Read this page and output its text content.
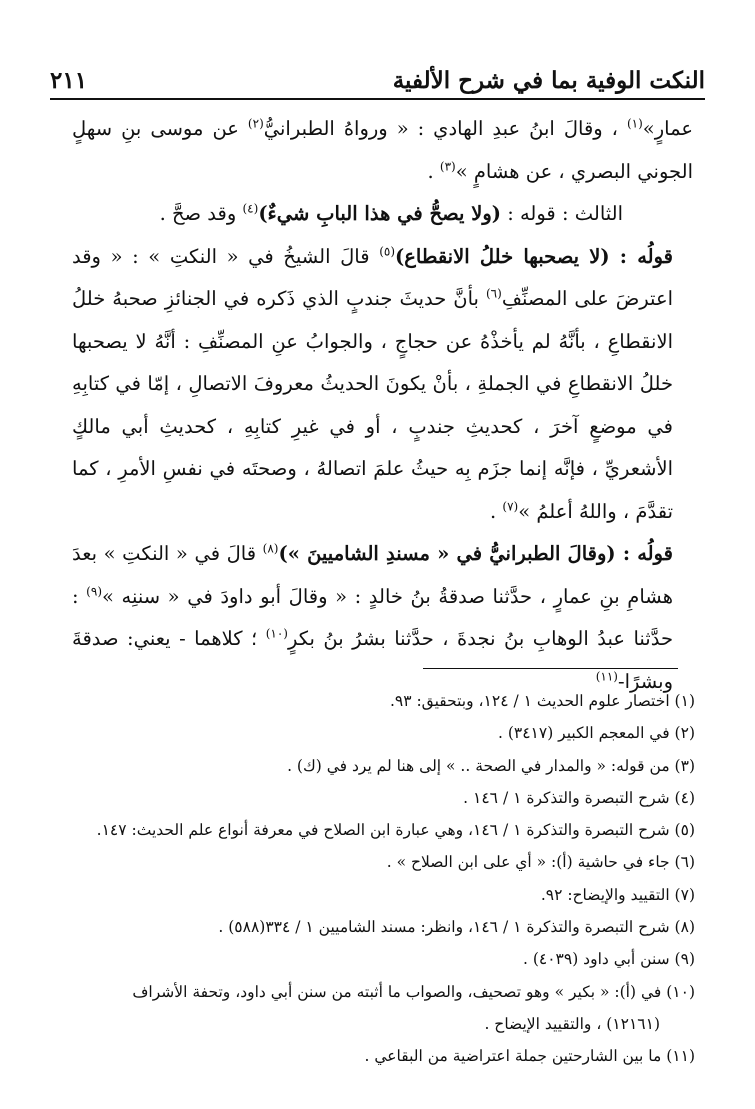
٢١١	النكت الوفية بما في شرح الألفية

عمارٍ»$^{(١)}$ ، وقالَ ابنُ عبدِ الهادي : « ورواهُ الطبرانيُّ$^{(٢)}$ عن موسى بنِ سهلٍ الجوني البصري ، عن هشامٍ »$^{(٣)}$ .

الثالث : قوله : (ولا يصحُّ في هذا البابِ شيءٌ)$^{(٤)}$ وقد صحَّ .

قولُه : (لا يصحبها خللُ الانقطاع)$^{(٥)}$ قالَ الشيخُ في « النكتِ » : « وقد اعترضَ على المصنِّفِ$^{(٦)}$ بأنَّ حديثَ جندبٍ الذي ذَكره في الجنائزِ صحبهُ خللُ الانقطاعِ ، بأنَّهُ لم يأخذْهُ عن حجاجٍ ، والجوابُ عنِ المصنِّفِ : أنَّهُ لا يصحبها خللُ الانقطاعِ في الجملةِ ، بأنْ يكونَ الحديثُ معروفَ الاتصالِ ، إمّا في كتابِهِ في موضعٍ آخرَ ، كحديثِ جندبٍ ، أو في غيرِ كتابِهِ ، كحديثِ أبي مالكٍ الأشعريِّ ، فإنَّه إنما جزَم بِه حيثُ علمَ اتصالهُ ، وصحتَه في نفسِ الأمرِ ، كما تقدَّمَ ، واللهُ أعلمُ »$^{(٧)}$ .

قولُه : (وقالَ الطبرانيُّ في « مسندِ الشاميينَ »)$^{(٨)}$ قالَ في « النكتِ » بعدَ هشامِ بنِ عمارٍ ، حدَّثنا صدقةُ بنُ خالدٍ : « وقالَ أبو داودَ في « سننِه »$^{(٩)}$ : حدَّثنا عبدُ الوهابِ بنُ نجدةَ ، حدَّثنا بشرُ بنُ بكرٍ$^{(١٠)}$ ؛ كلاهما - يعني: صدقةَ وبشرًا-$^{(١١)}$

(١) اختصار علوم الحديث ١ / ١٢٤، وبتحقيق: ٩٣.

(٢) في المعجم الكبير (٣٤١٧) .

(٣) من قوله: « والمدار في الصحة .. » إلى هنا لم يرد في (ك) .

(٤) شرح التبصرة والتذكرة ١ / ١٤٦ .

(٥) شرح التبصرة والتذكرة ١ / ١٤٦، وهي عبارة ابن الصلاح في معرفة أنواع علم الحديث: ١٤٧.

(٦) جاء في حاشية (أ): « أي على ابن الصلاح » .

(٧) التقييد والإيضاح: ٩٢.

(٨) شرح التبصرة والتذكرة ١ / ١٤٦، وانظر: مسند الشاميين ١ / ٣٣٤(٥٨٨) .

(٩) سنن أبي داود (٤٠٣٩) .

(١٠) في (أ): « بكير » وهو تصحيف، والصواب ما أثبته من سنن أبي داود، وتحفة الأشراف

(١٢١٦١) ، والتقييد الإيضاح .

(١١) ما بين الشارحتين جملة اعتراضية من البقاعي .
